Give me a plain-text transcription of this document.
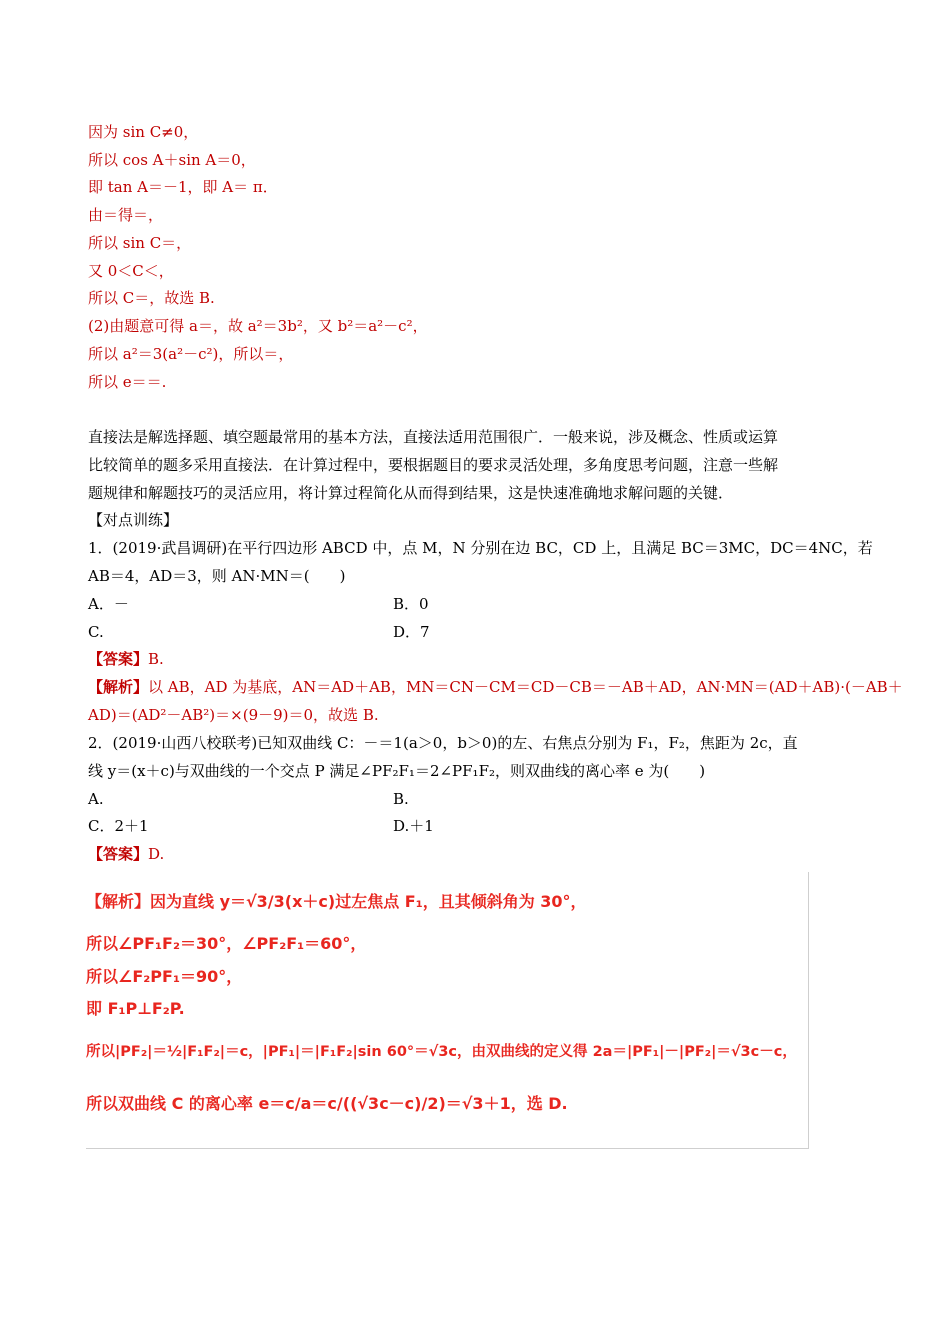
因为 sin C≠0，
所以 cos A＋sin A＝0，
即 tan A＝－1，即 A＝ π．
由＝得＝，
所以 sin C＝，
又 0＜C＜，
所以 C＝，故选 B.
(2)由题意可得 a＝，故 a²＝3b²，又 b²＝a²－c²，
所以 a²＝3(a²－c²)，所以＝，
所以 e＝＝.
直接法是解选择题、填空题最常用的基本方法，直接法适用范围很广．一般来说，涉及概念、性质或运算
比较简单的题多采用直接法．在计算过程中，要根据题目的要求灵活处理，多角度思考问题，注意一些解
题规律和解题技巧的灵活应用，将计算过程简化从而得到结果，这是快速准确地求解问题的关键．
【对点训练】
1．(2019·武昌调研)在平行四边形 ABCD 中，点 M，N 分别在边 BC，CD 上，且满足 BC＝3MC，DC＝4NC，若
AB＝4，AD＝3，则 AN·MN＝(　　)
A．－	B．0
C.	D．7
【答案】B.
【解析】以 AB，AD 为基底，AN＝AD＋AB，MN＝CN－CM＝CD－CB＝－AB＋AD，AN·MN＝(AD＋AB)·(－AB＋
AD)＝(AD²－AB²)＝×(9－9)＝0，故选 B.
2．(2019·山西八校联考)已知双曲线 C：－＝1(a＞0，b＞0)的左、右焦点分别为 F₁，F₂，焦距为 2c，直
线 y＝(x＋c)与双曲线的一个交点 P 满足∠PF₂F₁＝2∠PF₁F₂，则双曲线的离心率 e 为(　　)
A.	B.
C．2＋1	D.＋1
【答案】D.
【解析】因为直线 y＝√3/3(x＋c)过左焦点 F₁，且其倾斜角为 30°，
所以∠PF₁F₂＝30°，∠PF₂F₁＝60°，
所以∠F₂PF₁＝90°，
即 F₁P⊥F₂P.
所以|PF₂|＝½|F₁F₂|＝c，|PF₁|＝|F₁F₂|sin 60°＝√3c，由双曲线的定义得 2a＝|PF₁|－|PF₂|＝√3c－c，
所以双曲线 C 的离心率 e＝c/a＝c/((√3c－c)/2)＝√3＋1，选 D.
